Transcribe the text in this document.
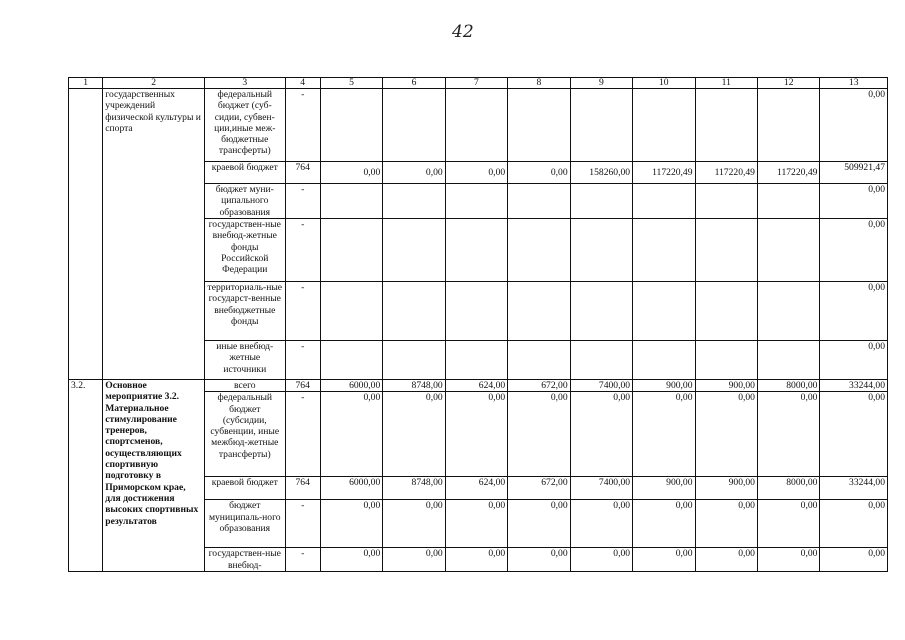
42
1	2	3	4	5	6	7	8	9	10	11	12	13
	государственных учреждений физической культуры и спорта	федеральный бюджет (суб-сидии, субвен-ции,иные меж-бюджетные трансферты)	-									0,00
		краевой бюджет	764	0,00	0,00	0,00	0,00	158260,00	117220,49	117220,49	117220,49	509921,47
		бюджет муни-ципального образования	-									0,00
		государствен-ные внебюд-жетные фонды Российской Федерации	-									0,00
		территориаль-ные государст-венные внебюджетные фонды	-									0,00
		иные внебюд-жетные источники	-									0,00
3.2.	Основное мероприятие 3.2. Материальное стимулирование тренеров, спортсменов, осуществляющих спортивную подготовку в Приморском крае, для достижения высоких спортивных результатов	всего	764	6000,00	8748,00	624,00	672,00	7400,00	900,00	900,00	8000,00	33244,00
		федеральный бюджет (субсидии, субвенции, иные межбюд-жетные трансферты)	-	0,00	0,00	0,00	0,00	0,00	0,00	0,00	0,00	0,00
		краевой бюджет	764	6000,00	8748,00	624,00	672,00	7400,00	900,00	900,00	8000,00	33244,00
		бюджет муниципаль-ного образования	-	0,00	0,00	0,00	0,00	0,00	0,00	0,00	0,00	0,00
		государствен-ные внебюд-	-	0,00	0,00	0,00	0,00	0,00	0,00	0,00	0,00	0,00
